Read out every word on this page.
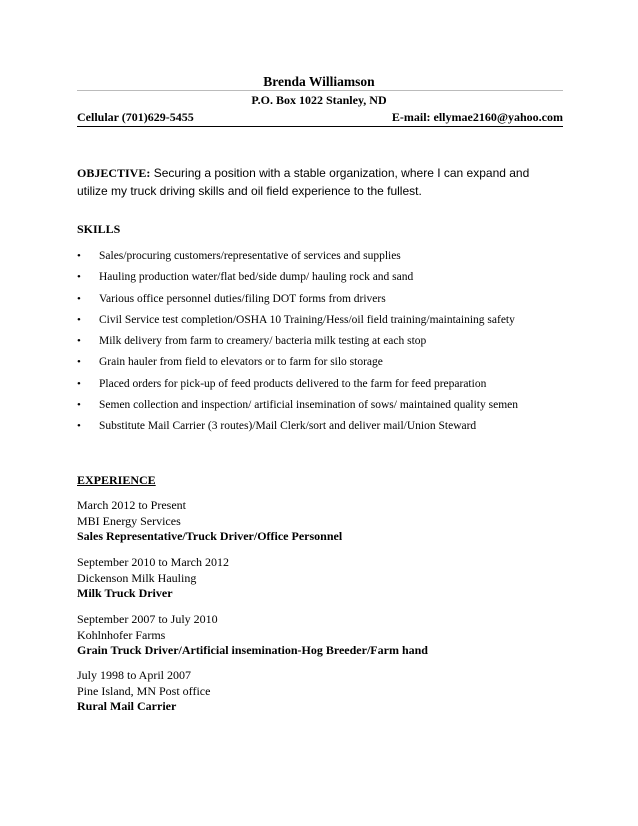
Brenda Williamson
P.O. Box 1022 Stanley, ND
Cellular (701)629-5455	E-mail: ellymae2160@yahoo.com
OBJECTIVE: Securing a position with a stable organization, where I can expand and utilize my truck driving skills and oil field experience to the fullest.
SKILLS
• Sales/procuring customers/representative of services and supplies
• Hauling production water/flat bed/side dump/ hauling rock and sand
• Various office personnel duties/filing DOT forms from drivers
• Civil Service test completion/OSHA 10 Training/Hess/oil field training/maintaining safety
• Milk delivery from farm to creamery/ bacteria milk testing at each stop
• Grain hauler from field to elevators or to farm for silo storage
• Placed orders for pick-up of feed products delivered to the farm for feed preparation
• Semen collection and inspection/ artificial insemination of sows/ maintained quality semen
• Substitute Mail Carrier (3 routes)/Mail Clerk/sort and deliver mail/Union Steward
EXPERIENCE
March 2012 to Present
MBI Energy Services
Sales Representative/Truck Driver/Office Personnel
September 2010 to March 2012
Dickenson Milk Hauling
Milk Truck Driver
September 2007 to July 2010
Kohlnhofer Farms
Grain Truck Driver/Artificial insemination-Hog Breeder/Farm hand
July 1998 to April 2007
Pine Island, MN Post office
Rural Mail Carrier
